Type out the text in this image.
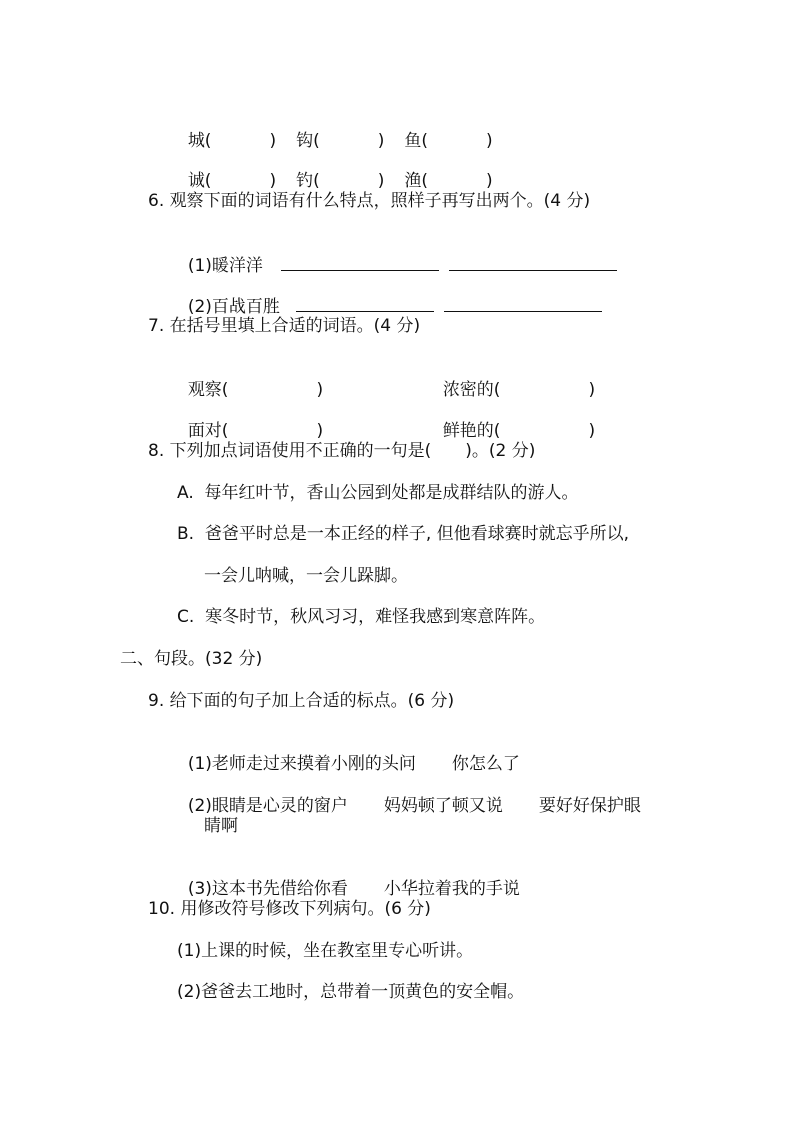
城(	) 钩(	) 鱼(	)

诚(	) 钓(	) 渔(	)

6. 观察下面的词语有什么特点，照样子再写出两个。(4 分)

(1)暖洋洋

(2)百战百胜

7. 在括号里填上合适的词语。(4 分)

观察(	)	浓密的(	)

面对(	)	鲜艳的(	)

8. 下列加点词语使用不正确的一句是(　　)。(2 分)
A.  每年红叶节，香山公园到处都是成群结队的游人。
B.  爸爸平时总是一本正经的样子, 但他看球赛时就忘乎所以,
一会儿呐喊，一会儿跺脚。
C.  寒冬时节，秋风习习，难怪我感到寒意阵阵。
二、句段。(32 分)
9. 给下面的句子加上合适的标点。(6 分)

(1)老师走过来摸着小刚的头问 你怎么了

(2)眼睛是心灵的窗户 妈妈顿了顿又说 要好好保护眼

睛啊

(3)这本书先借给你看 小华拉着我的手说

10. 用修改符号修改下列病句。(6 分)
(1)上课的时候，坐在教室里专心听讲。
(2)爸爸去工地时，总带着一顶黄色的安全帽。
